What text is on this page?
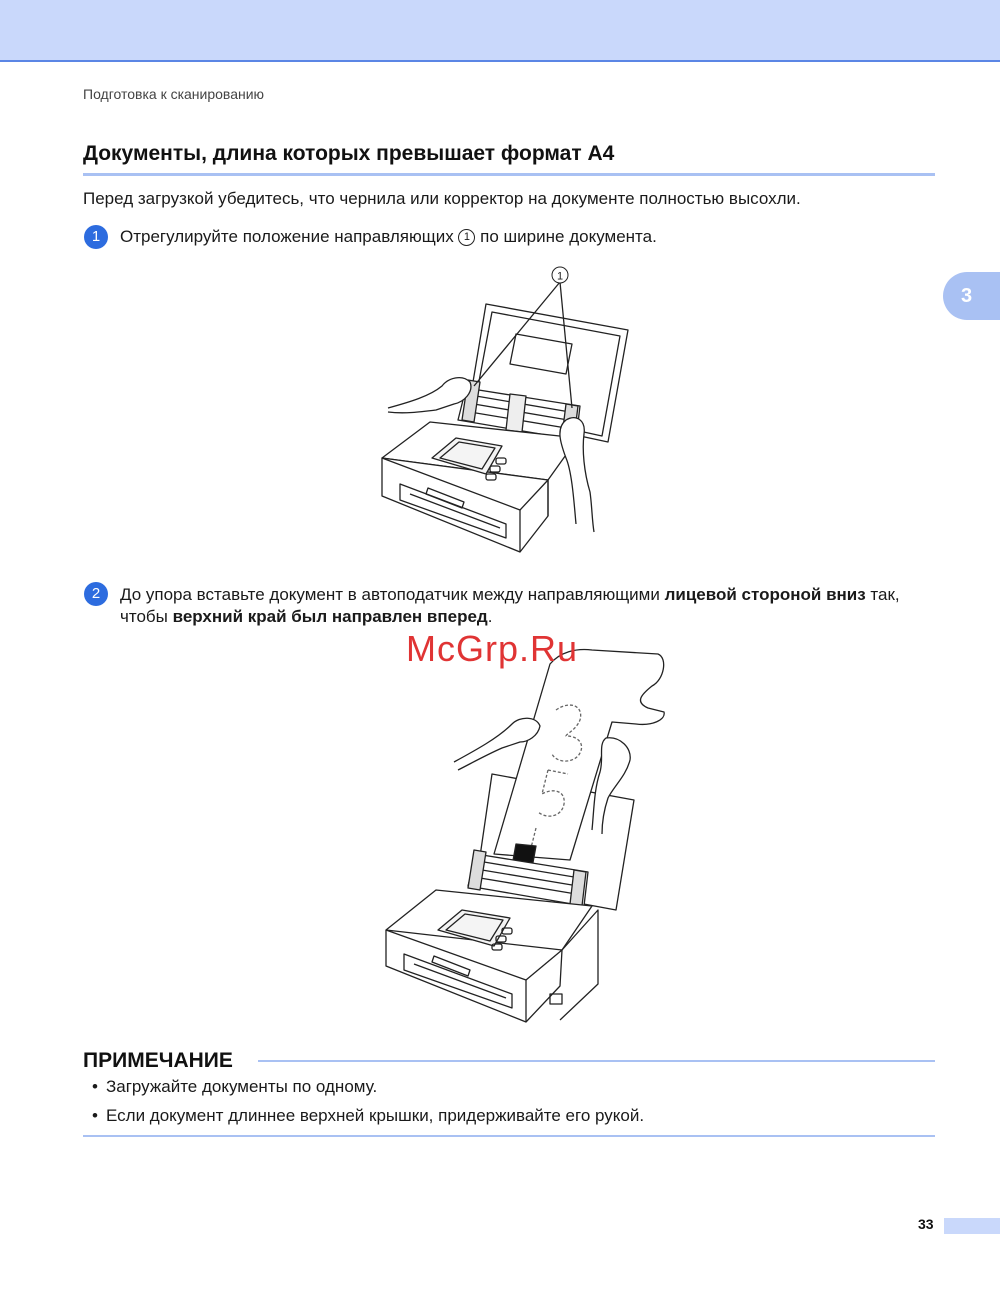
Подготовка к сканированию
3
Документы, длина которых превышает формат A4
Перед загрузкой убедитесь, что чернила или корректор на документе полностью высохли.
1	Отрегулируйте положение направляющих 1 по ширине документа.
1
2	До упора вставьте документ в автоподатчик между направляющими лицевой стороной вниз так,
чтобы верхний край был направлен вперед.
McGrp.Ru
ПРИМЕЧАНИЕ
• Загружайте документы по одному.
• Если документ длиннее верхней крышки, придерживайте его рукой.
33
